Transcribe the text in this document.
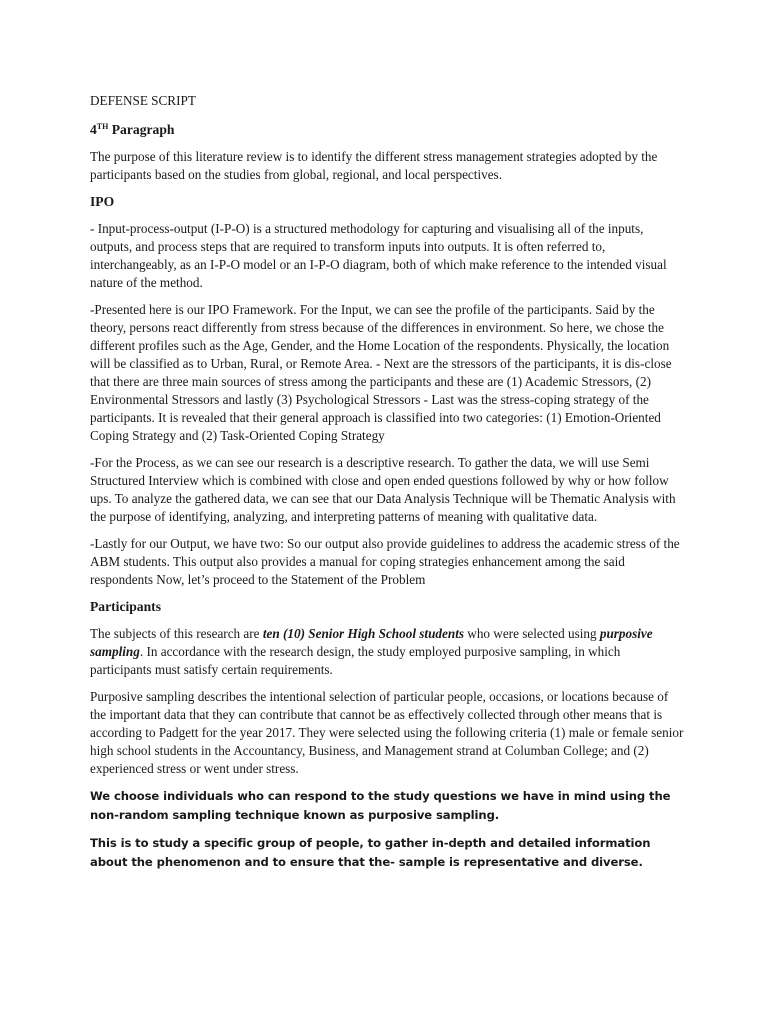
DEFENSE SCRIPT
4TH Paragraph

The purpose of this literature review is to identify the different stress management strategies adopted by the participants based on the studies from global, regional, and local perspectives.

IPO

- Input-process-output (I-P-O) is a structured methodology for capturing and visualising all of the inputs, outputs, and process steps that are required to transform inputs into outputs. It is often referred to, interchangeably, as an I-P-O model or an I-P-O diagram, both of which make reference to the intended visual nature of the method.

-Presented here is our IPO Framework. For the Input, we can see the profile of the participants. Said by the theory, persons react differently from stress because of the differences in environment. So here, we chose the different profiles such as the Age, Gender, and the Home Location of the respondents. Physically, the location will be classified as to Urban, Rural, or Remote Area. - Next are the stressors of the participants, it is dis-close that there are three main sources of stress among the participants and these are (1) Academic Stressors, (2) Environmental Stressors and lastly (3) Psychological Stressors - Last was the stress-coping strategy of the participants. It is revealed that their general approach is classified into two categories: (1) Emotion-Oriented Coping Strategy and (2) Task-Oriented Coping Strategy

-For the Process, as we can see our research is a descriptive research. To gather the data, we will use Semi Structured Interview which is combined with close and open ended questions followed by why or how follow ups. To analyze the gathered data, we can see that our Data Analysis Technique will be Thematic Analysis with the purpose of identifying, analyzing, and interpreting patterns of meaning with qualitative data.

-Lastly for our Output, we have two: So our output also provide guidelines to address the academic stress of the ABM students. This output also provides a manual for coping strategies enhancement among the said respondents Now, let’s proceed to the Statement of the Problem

Participants

The subjects of this research are ten (10) Senior High School students who were selected using purposive sampling. In accordance with the research design, the study employed purposive sampling, in which participants must satisfy certain requirements.

Purposive sampling describes the intentional selection of particular people, occasions, or locations because of the important data that they can contribute that cannot be as effectively collected through other means that is according to Padgett for the year 2017. They were selected using the following criteria (1) male or female senior high school students in the Accountancy, Business, and Management strand at Columban College; and (2) experienced stress or went under stress.

We choose individuals who can respond to the study questions we have in mind using the non-random sampling technique known as purposive sampling.

This is to study a specific group of people, to gather in-depth and detailed information about the phenomenon and to ensure that the- sample is representative and diverse.
